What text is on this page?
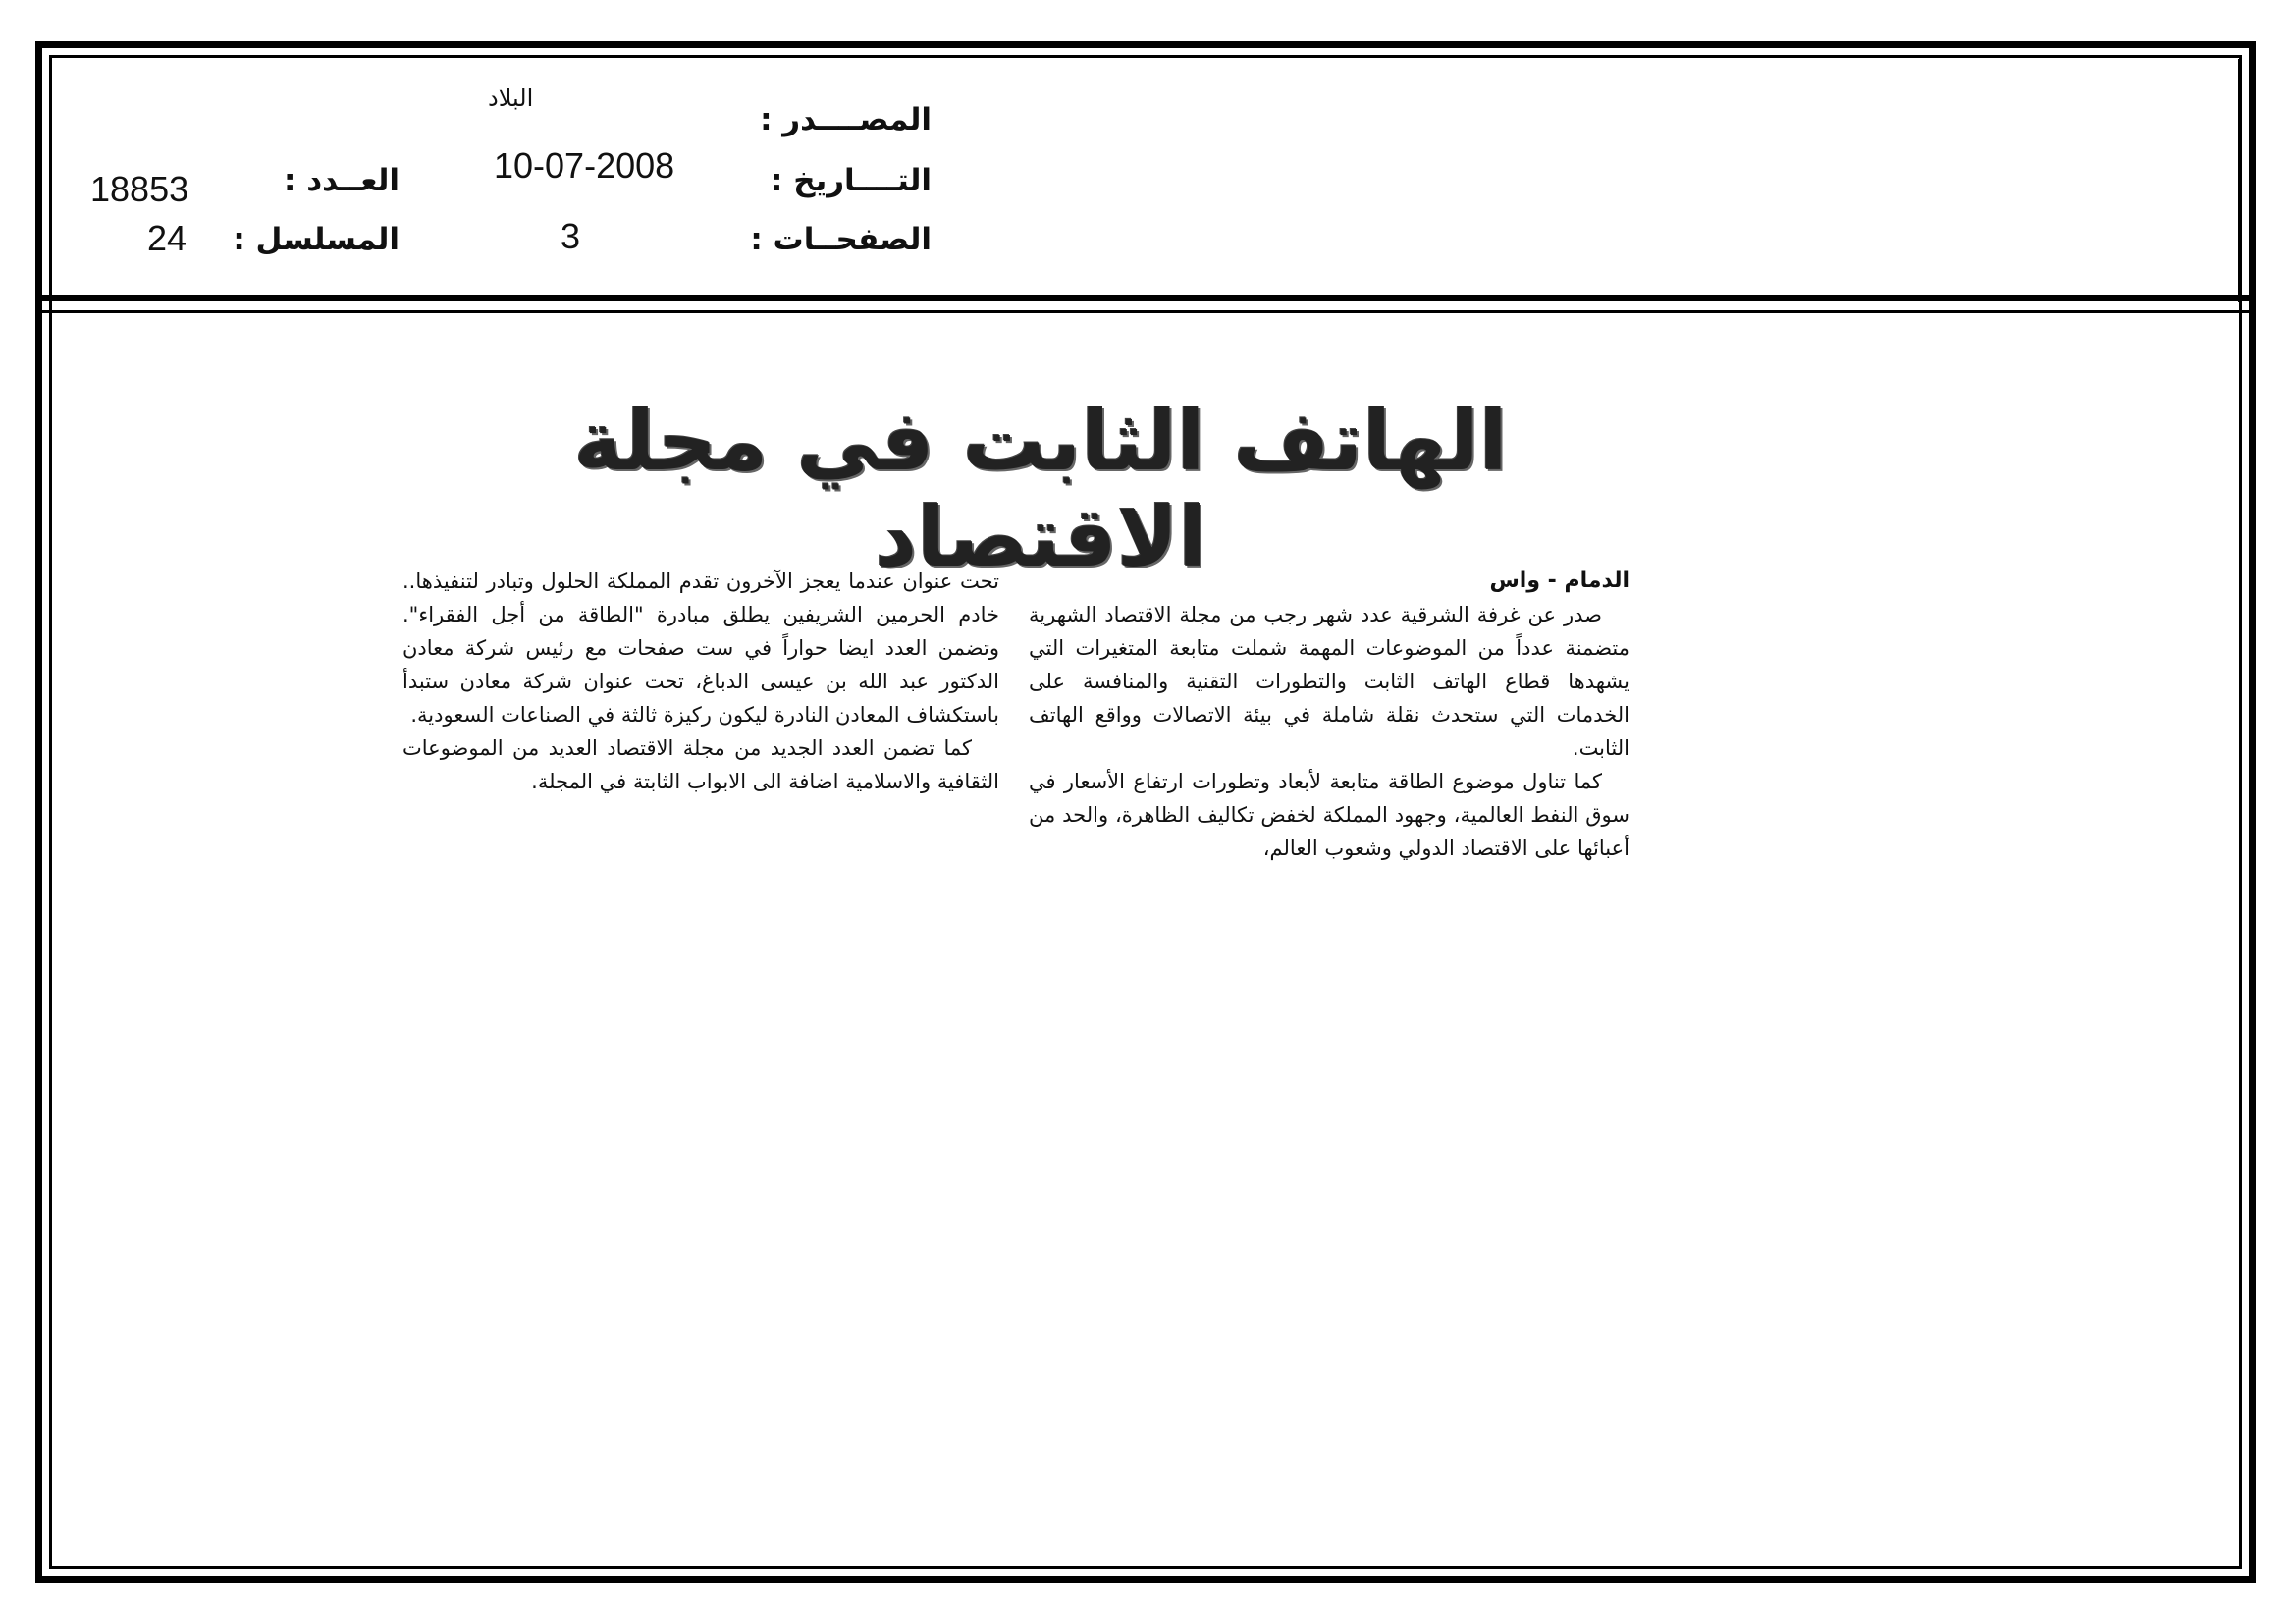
المصــــدر :
البلاد
التــــاريخ :
10-07-2008
الصفحــات :
3
العــدد :
18853
المسلسل :
24
الهاتف الثابت في مجلة الاقتصاد	الدمام - واس

صدر عن غرفة الشرقية عدد شهر رجب من مجلة الاقتصاد الشهرية متضمنة عدداً من الموضوعات المهمة شملت متابعة المتغيرات التي يشهدها قطاع الهاتف الثابت والتطورات التقنية والمنافسة على الخدمات التي ستحدث نقلة شاملة في بيئة الاتصالات وواقع الهاتف الثابت.

كما تناول موضوع الطاقة متابعة لأبعاد وتطورات ارتفاع الأسعار في سوق النفط العالمية، وجهود المملكة لخفض تكاليف الظاهرة، والحد من أعبائها على الاقتصاد الدولي وشعوب العالم،

تحت عنوان عندما يعجز الآخرون تقدم المملكة الحلول وتبادر لتنفيذها.. خادم الحرمين الشريفين يطلق مبادرة "الطاقة من أجل الفقراء". وتضمن العدد ايضا حواراً في ست صفحات مع رئيس شركة معادن الدكتور عبد الله بن عيسى الدباغ، تحت عنوان شركة معادن ستبدأ باستكشاف المعادن النادرة ليكون ركيزة ثالثة في الصناعات السعودية.

كما تضمن العدد الجديد من مجلة الاقتصاد العديد من الموضوعات الثقافية والاسلامية اضافة الى الابواب الثابتة في المجلة.
